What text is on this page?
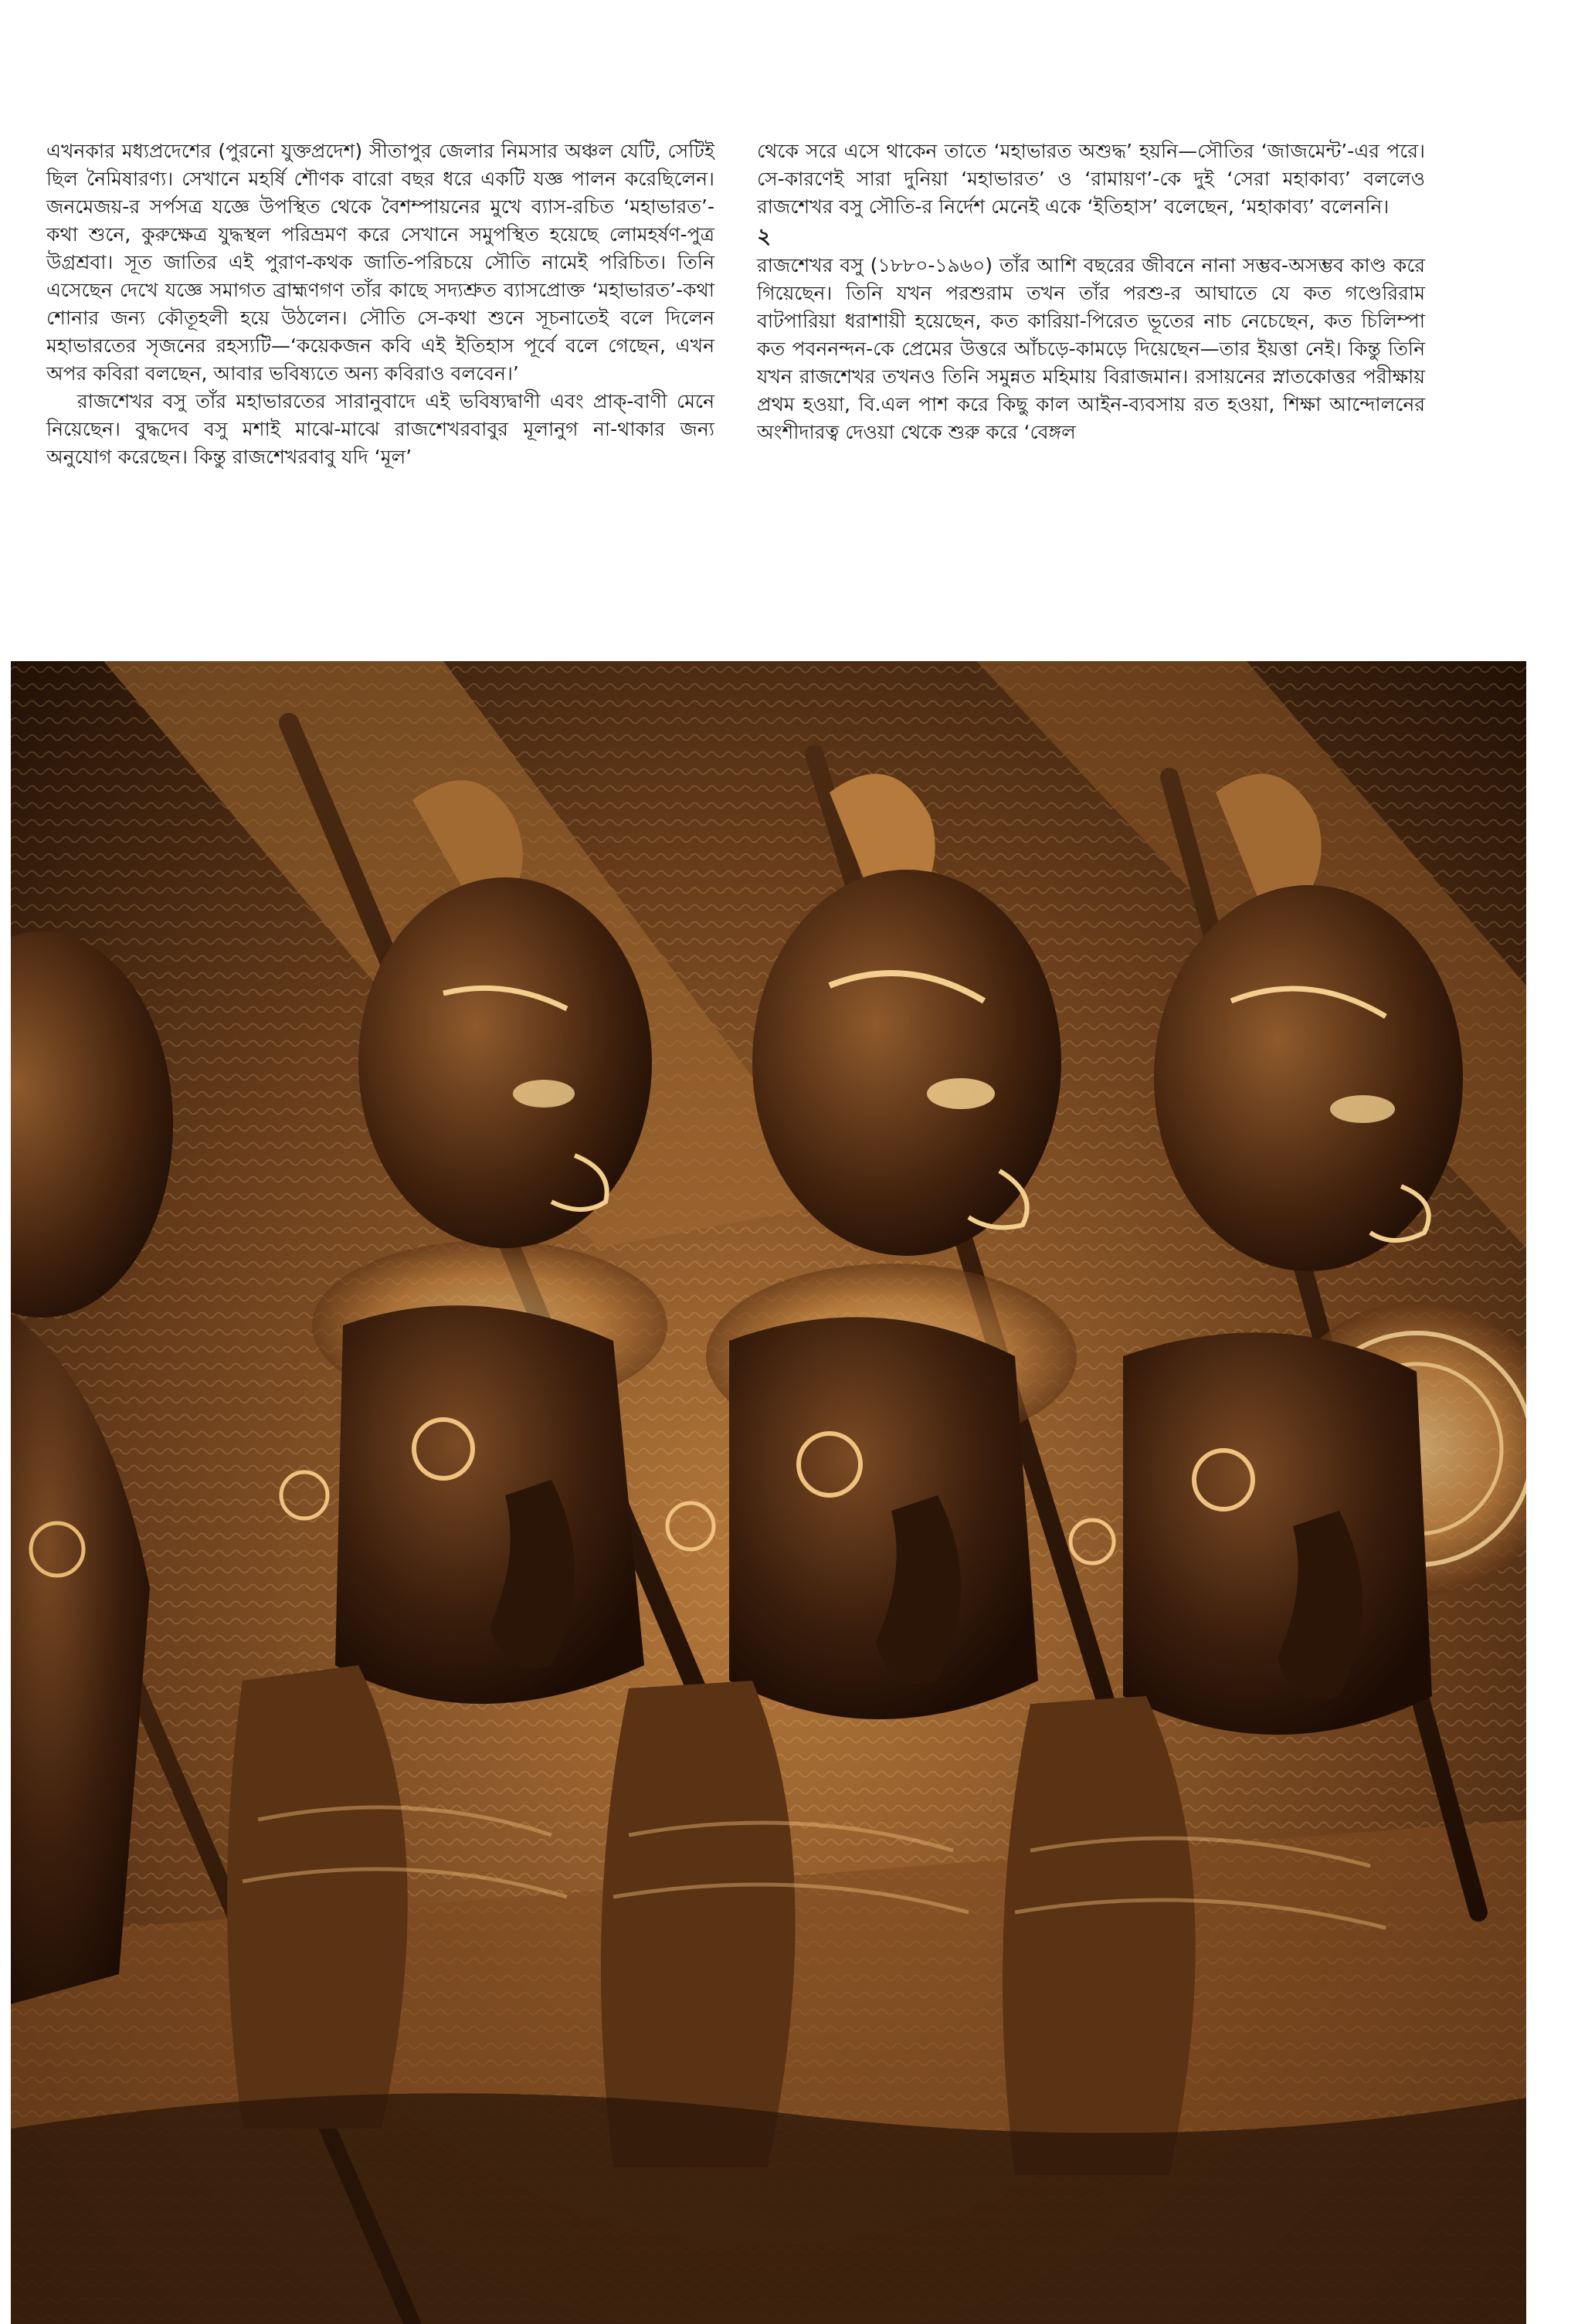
এখনকার মধ্যপ্রদেশের (পুরনো যুক্তপ্রদেশ) সীতাপুর জেলার নিমসার অঞ্চল যেটি, সেটিই ছিল নৈমিষারণ্য। সেখানে মহর্ষি শৌণক বারো বছর ধরে একটি যজ্ঞ পালন করেছিলেন। জনমেজয়-র সর্পসত্র যজ্ঞে উপস্থিত থেকে বৈশম্পায়নের মুখে ব্যাস-রচিত ‘মহাভারত’-কথা শুনে, কুরুক্ষেত্র যুদ্ধস্থল পরিভ্রমণ করে সেখানে সমুপস্থিত হয়েছে লোমহর্ষণ-পুত্র উগ্রশ্রবা। সূত জাতির এই পুরাণ-কথক জাতি-পরিচয়ে সৌতি নামেই পরিচিত। তিনি এসেছেন দেখে যজ্ঞে সমাগত ব্রাহ্মণগণ তাঁর কাছে সদ্যশ্রুত ব্যাসপ্রোক্ত ‘মহাভারত’-কথা শোনার জন্য কৌতূহলী হয়ে উঠলেন। সৌতি সে-কথা শুনে সূচনাতেই বলে দিলেন মহাভারতের সৃজনের রহস্যটি—‘কয়েকজন কবি এই ইতিহাস পূর্বে বলে গেছেন, এখন অপর কবিরা বলছেন, আবার ভবিষ্যতে অন্য কবিরাও বলবেন।’

রাজশেখর বসু তাঁর মহাভারতের সারানুবাদে এই ভবিষ্যদ্বাণী এবং প্রাক্-বাণী মেনে নিয়েছেন। বুদ্ধদেব বসু মশাই মাঝে-মাঝে রাজশেখরবাবুর মূলানুগ না-থাকার জন্য অনুযোগ করেছেন। কিন্তু রাজশেখরবাবু যদি ‘মূল’

থেকে সরে এসে থাকেন তাতে ‘মহাভারত অশুদ্ধ’ হয়নি—সৌতির ‘জাজমেন্ট’-এর পরে। সে-কারণেই সারা দুনিয়া ‘মহাভারত’ ও ‘রামায়ণ’-কে দুই ‘সেরা মহাকাব্য’ বললেও রাজশেখর বসু সৌতি-র নির্দেশ মেনেই একে ‘ইতিহাস’ বলেছেন, ‘মহাকাব্য’ বলেননি।

২

রাজশেখর বসু (১৮৮০-১৯৬০) তাঁর আশি বছরের জীবনে নানা সম্ভব-অসম্ভব কাণ্ড করে গিয়েছেন। তিনি যখন পরশুরাম তখন তাঁর পরশু-র আঘাতে যে কত গণ্ডেরিরাম বাটপারিয়া ধরাশায়ী হয়েছেন, কত কারিয়া-পিরেত ভূতের নাচ নেচেছেন, কত চিলিম্পা কত পবননন্দন-কে প্রেমের উত্তরে আঁচড়ে-কামড়ে দিয়েছেন—তার ইয়ত্তা নেই। কিন্তু তিনি যখন রাজশেখর তখনও তিনি সমুন্নত মহিমায় বিরাজমান। রসায়নের স্নাতকোত্তর পরীক্ষায় প্রথম হওয়া, বি.এল পাশ করে কিছু কাল আইন-ব্যবসায় রত হওয়া, শিক্ষা আন্দোলনের অংশীদারত্ব দেওয়া থেকে শুরু করে ‘বেঙ্গল
